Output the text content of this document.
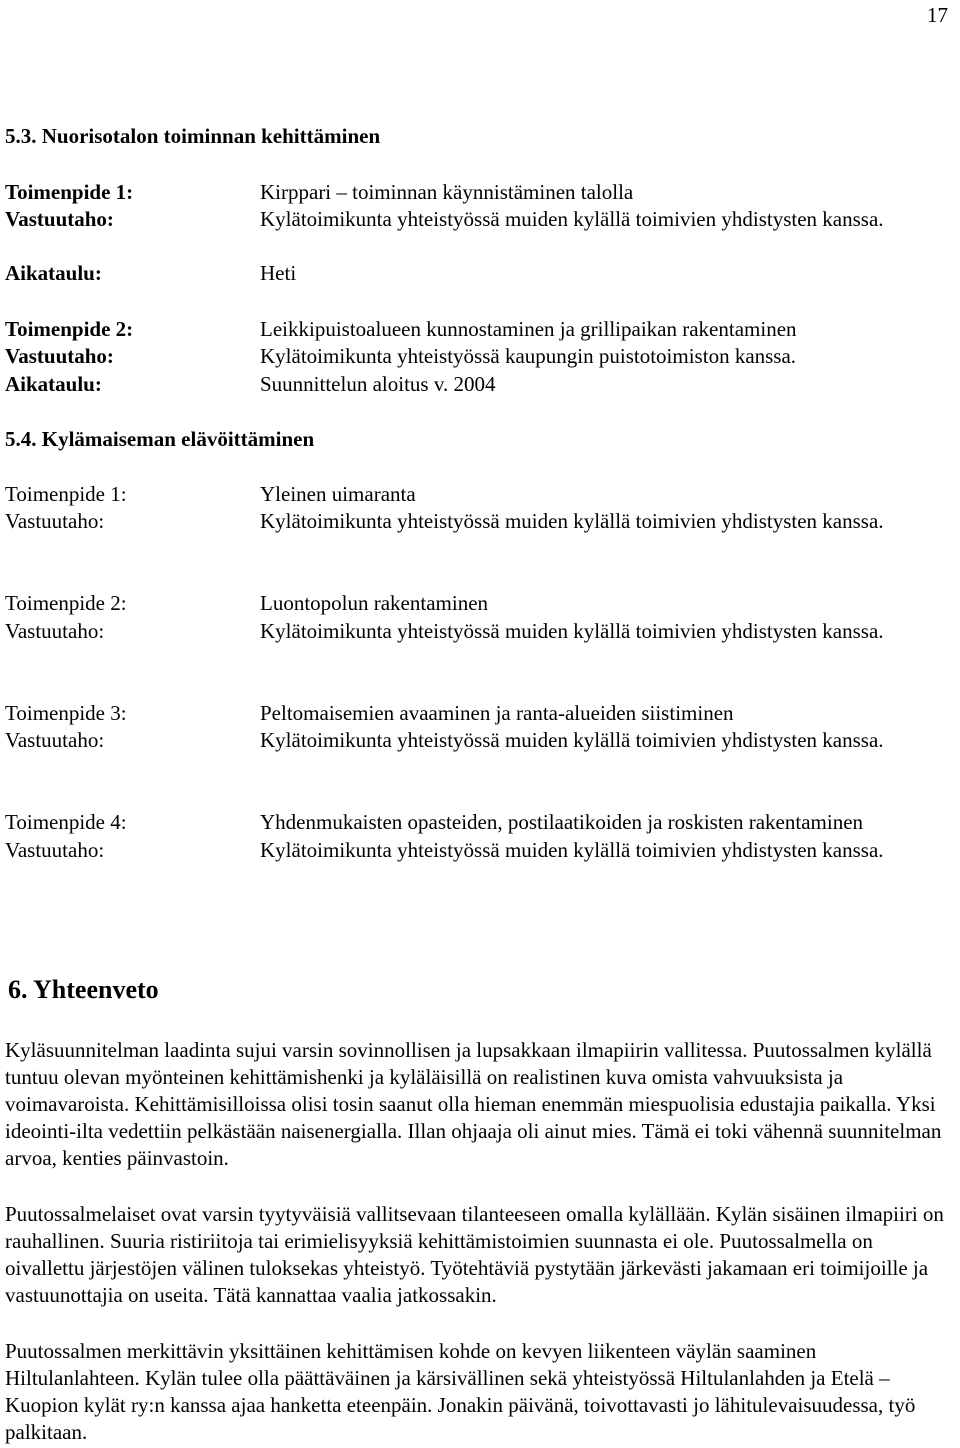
17
5.3. Nuorisotalon toiminnan kehittäminen
Toimenpide 1:	Kirppari – toiminnan käynnistäminen talolla
Vastuutaho:	Kylätoimikunta yhteistyössä muiden kylällä toimivien yhdistysten kanssa.
Aikataulu:	Heti
Toimenpide 2:	Leikkipuistoalueen kunnostaminen ja grillipaikan rakentaminen
Vastuutaho:	Kylätoimikunta yhteistyössä kaupungin puistotoimiston kanssa.
Aikataulu:	Suunnittelun aloitus v. 2004
5.4. Kylämaiseman elävöittäminen
Toimenpide 1:	Yleinen uimaranta
Vastuutaho:	Kylätoimikunta yhteistyössä muiden kylällä toimivien yhdistysten kanssa.
Toimenpide 2:	Luontopolun rakentaminen
Vastuutaho:	Kylätoimikunta yhteistyössä muiden kylällä toimivien yhdistysten kanssa.
Toimenpide 3:	Peltomaisemien avaaminen ja ranta-alueiden siistiminen
Vastuutaho:	Kylätoimikunta yhteistyössä muiden kylällä toimivien yhdistysten kanssa.
Toimenpide 4:	Yhdenmukaisten opasteiden, postilaatikoiden ja roskisten rakentaminen
Vastuutaho:	Kylätoimikunta yhteistyössä muiden kylällä toimivien yhdistysten kanssa.
6. Yhteenveto

Kyläsuunnitelman laadinta sujui varsin sovinnollisen ja lupsakkaan ilmapiirin vallitessa. Puutossalmen kylällä tuntuu olevan myönteinen kehittämishenki ja kyläläisillä on realistinen kuva omista vahvuuksista ja voimavaroista. Kehittämisilloissa olisi tosin saanut olla hieman enemmän miespuolisia edustajia paikalla. Yksi ideointi-ilta vedettiin pelkästään naisenergialla. Illan ohjaaja oli ainut mies. Tämä ei toki vähennä suunnitelman arvoa, kenties päinvastoin.

Puutossalmelaiset ovat varsin tyytyväisiä vallitsevaan tilanteeseen omalla kylällään. Kylän sisäinen ilmapiiri on rauhallinen. Suuria ristiriitoja tai erimielisyyksiä kehittämistoimien suunnasta ei ole. Puutossalmella on oivallettu järjestöjen välinen tuloksekas yhteistyö. Työtehtäviä pystytään järkevästi jakamaan eri toimijoille ja vastuunottajia on useita. Tätä kannattaa vaalia jatkossakin.

Puutossalmen merkittävin yksittäinen kehittämisen kohde on kevyen liikenteen väylän saaminen Hiltulanlahteen. Kylän tulee olla päättäväinen ja kärsivällinen sekä yhteistyössä Hiltulanlahden ja Etelä – Kuopion kylät ry:n kanssa ajaa hanketta eteenpäin. Jonakin päivänä, toivottavasti jo lähitulevaisuudessa, työ palkitaan.
